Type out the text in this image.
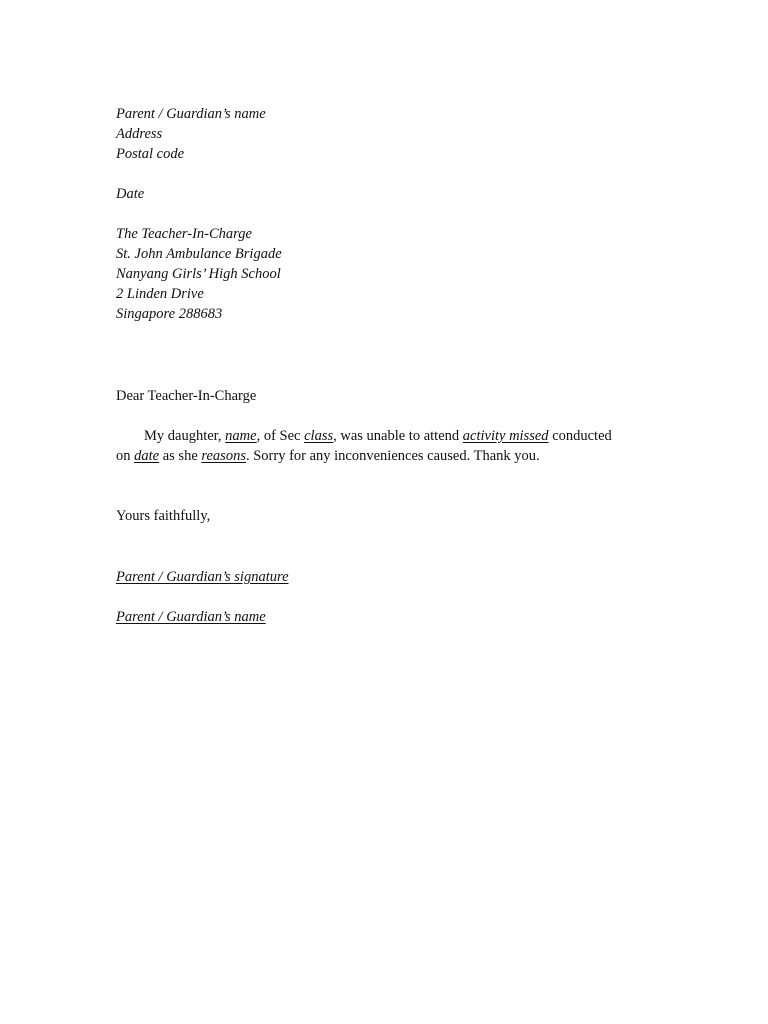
Parent / Guardian’s name
Address
Postal code
Date
The Teacher-In-Charge
St. John Ambulance Brigade
Nanyang Girls’ High School
2 Linden Drive
Singapore 288683
Dear Teacher-In-Charge
My daughter, name, of Sec class, was unable to attend activity missed conducted
on date as she reasons. Sorry for any inconveniences caused. Thank you.
Yours faithfully,
Parent / Guardian’s signature
Parent / Guardian’s name
